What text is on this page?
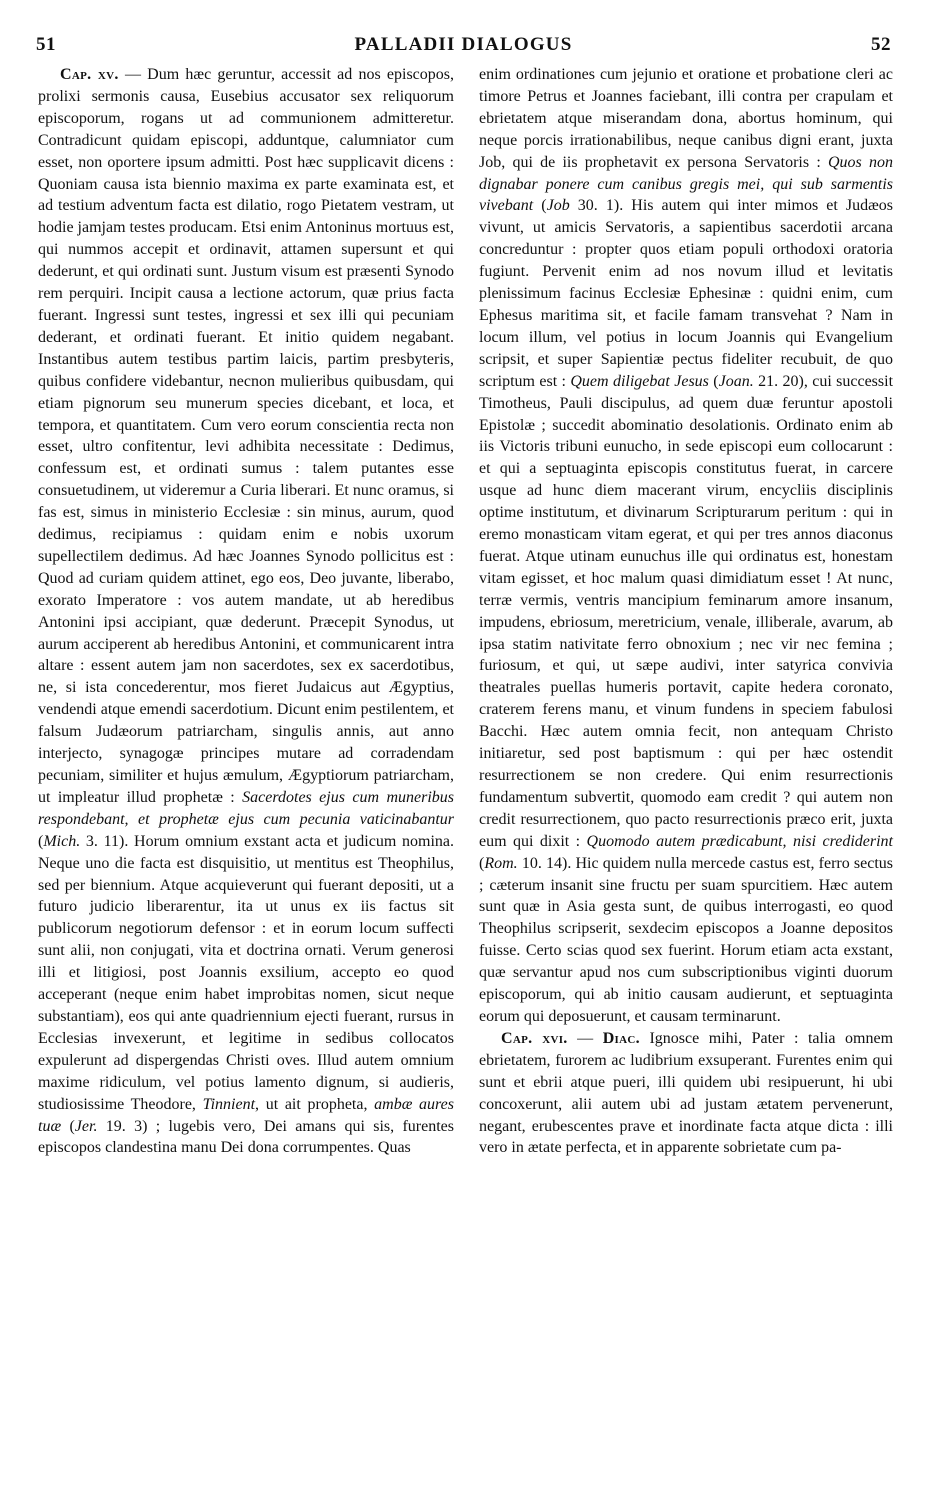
51	PALLADII DIALOGUS	52

Cap. xv. — Dum hæc geruntur, accessit ad nos episcopos, prolixi sermonis causa, Eusebius accusator sex reliquorum episcoporum, rogans ut ad communionem admitteretur. Contradicunt quidam episcopi, adduntque, calumniator cum esset, non oportere ipsum admitti. Post hæc supplicavit dicens : Quoniam causa ista biennio maxima ex parte examinata est, et ad testium adventum facta est dilatio, rogo Pietatem vestram, ut hodie jamjam testes producam. Etsi enim Antoninus mortuus est, qui nummos accepit et ordinavit, attamen supersunt et qui dederunt, et qui ordinati sunt. Justum visum est præsenti Synodo rem perquiri. Incipit causa a lectione actorum, quæ prius facta fuerant. Ingressi sunt testes, ingressi et sex illi qui pecuniam dederant, et ordinati fuerant. Et initio quidem negabant. Instantibus autem testibus partim laicis, partim presbyteris, quibus confidere videbantur, necnon mulieribus quibusdam, qui etiam pignorum seu munerum species dicebant, et loca, et tempora, et quantitatem. Cum vero eorum conscientia recta non esset, ultro confitentur, levi adhibita necessitate : Dedimus, confessum est, et ordinati sumus : talem putantes esse consuetudinem, ut videremur a Curia liberari. Et nunc oramus, si fas est, simus in ministerio Ecclesiæ : sin minus, aurum, quod dedimus, recipiamus : quidam enim e nobis uxorum supellectilem dedimus. Ad hæc Joannes Synodo pollicitus est : Quod ad curiam quidem attinet, ego eos, Deo juvante, liberabo, exorato Imperatore : vos autem mandate, ut ab heredibus Antonini ipsi accipiant, quæ dederunt. Præcepit Synodus, ut aurum acciperent ab heredibus Antonini, et communicarent intra altare : essent autem jam non sacerdotes, sex ex sacerdotibus, ne, si ista concederentur, mos fieret Judaicus aut Ægyptius, vendendi atque emendi sacerdotium. Dicunt enim pestilentem, et falsum Judæorum patriarcham, singulis annis, aut anno interjecto, synagogæ principes mutare ad corradendam pecuniam, similiter et hujus æmulum, Ægyptiorum patriarcham, ut impleatur illud prophetæ : Sacerdotes ejus cum muneribus respondebant, et prophetæ ejus cum pecunia vaticinabantur (Mich. 3. 11). Horum omnium exstant acta et judicum nomina. Neque uno die facta est disquisitio, ut mentitus est Theophilus, sed per biennium. Atque acquieverunt qui fuerant depositi, ut a futuro judicio liberarentur, ita ut unus ex iis factus sit publicorum negotiorum defensor : et in eorum locum suffecti sunt alii, non conjugati, vita et doctrina ornati. Verum generosi illi et litigiosi, post Joannis exsilium, accepto eo quod acceperant (neque enim habet improbitas nomen, sicut neque substantiam), eos qui ante quadriennium ejecti fuerant, rursus in Ecclesias invexerunt, et legitime in sedibus collocatos expulerunt ad dispergendas Christi oves. Illud autem omnium maxime ridiculum, vel potius lamento dignum, si audieris, studiosissime Theodore, Tinnient, ut ait propheta, ambæ aures tuæ (Jer. 19. 3) ; lugebis vero, Dei amans qui sis, furentes episcopos clandestina manu Dei dona corrumpentes. Quas

enim ordinationes cum jejunio et oratione et probatione cleri ac timore Petrus et Joannes faciebant, illi contra per crapulam et ebrietatem atque miserandam dona, abortus hominum, qui neque porcis irrationabilibus, neque canibus digni erant, juxta Job, qui de iis prophetavit ex persona Servatoris : Quos non dignabar ponere cum canibus gregis mei, qui sub sarmentis vivebant (Job 30. 1). His autem qui inter mimos et Judæos vivunt, ut amicis Servatoris, a sapientibus sacerdotii arcana concreduntur : propter quos etiam populi orthodoxi oratoria fugiunt. Pervenit enim ad nos novum illud et levitatis plenissimum facinus Ecclesiæ Ephesinæ : quidni enim, cum Ephesus maritima sit, et facile famam transvehat ? Nam in locum illum, vel potius in locum Joannis qui Evangelium scripsit, et super Sapientiæ pectus fideliter recubuit, de quo scriptum est : Quem diligebat Jesus (Joan. 21. 20), cui successit Timotheus, Pauli discipulus, ad quem duæ feruntur apostoli Epistolæ ; succedit abominatio desolationis. Ordinato enim ab iis Victoris tribuni eunucho, in sede episcopi eum collocarunt : et qui a septuaginta episcopis constitutus fuerat, in carcere usque ad hunc diem macerant virum, encycliis disciplinis optime institutum, et divinarum Scripturarum peritum : qui in eremo monasticam vitam egerat, et qui per tres annos diaconus fuerat. Atque utinam eunuchus ille qui ordinatus est, honestam vitam egisset, et hoc malum quasi dimidiatum esset ! At nunc, terræ vermis, ventris mancipium feminarum amore insanum, impudens, ebriosum, meretricium, venale, illiberale, avarum, ab ipsa statim nativitate ferro obnoxium ; nec vir nec femina ; furiosum, et qui, ut sæpe audivi, inter satyrica convivia theatrales puellas humeris portavit, capite hedera coronato, craterem ferens manu, et vinum fundens in speciem fabulosi Bacchi. Hæc autem omnia fecit, non antequam Christo initiaretur, sed post baptismum : qui per hæc ostendit resurrectionem se non credere. Qui enim resurrectionis fundamentum subvertit, quomodo eam credit ? qui autem non credit resurrectionem, quo pacto resurrectionis præco erit, juxta eum qui dixit : Quomodo autem prædicabunt, nisi crediderint (Rom. 10. 14). Hic quidem nulla mercede castus est, ferro sectus ; cæterum insanit sine fructu per suam spurcitiem. Hæc autem sunt quæ in Asia gesta sunt, de quibus interrogasti, eo quod Theophilus scripserit, sexdecim episcopos a Joanne depositos fuisse. Certo scias quod sex fuerint. Horum etiam acta exstant, quæ servantur apud nos cum subscriptionibus viginti duorum episcoporum, qui ab initio causam audierunt, et septuaginta eorum qui deposuerunt, et causam terminarunt.

Cap. xvi. — Diac. Ignosce mihi, Pater : talia omnem ebrietatem, furorem ac ludibrium exsuperant. Furentes enim qui sunt et ebrii atque pueri, illi quidem ubi resipuerunt, hi ubi concoxerunt, alii autem ubi ad justam ætatem pervenerunt, negant, erubescentes prave et inordinate facta atque dicta : illi vero in ætate perfecta, et in apparente sobrietate cum pa-
